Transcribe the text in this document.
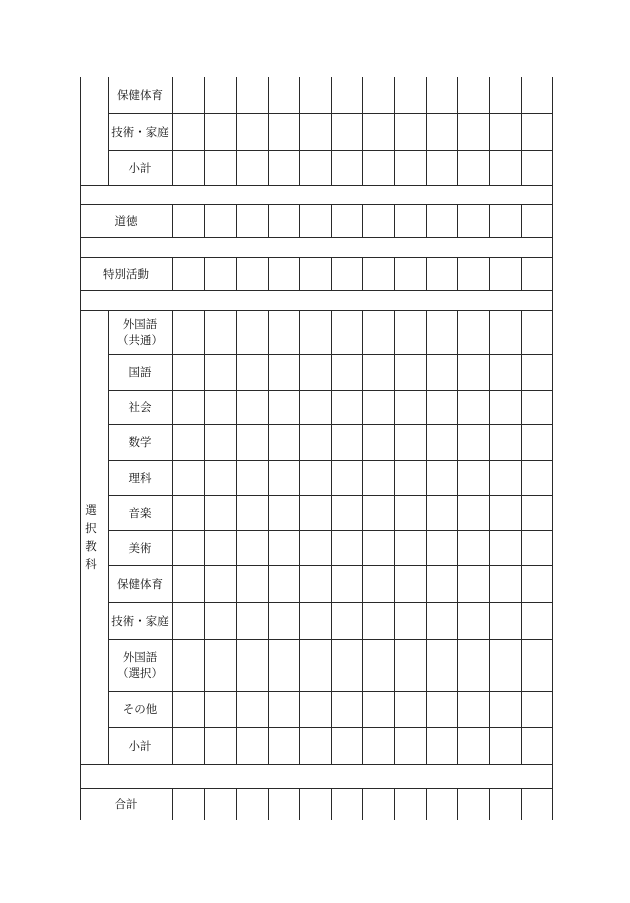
保健体育
技術・家庭
小計
道徳
特別活動
選
択
教
科
外国語
（共通）
国語
社会
数学
理科
音楽
美術
保健体育
技術・家庭
外国語
（選択）
その他
小計
合計
